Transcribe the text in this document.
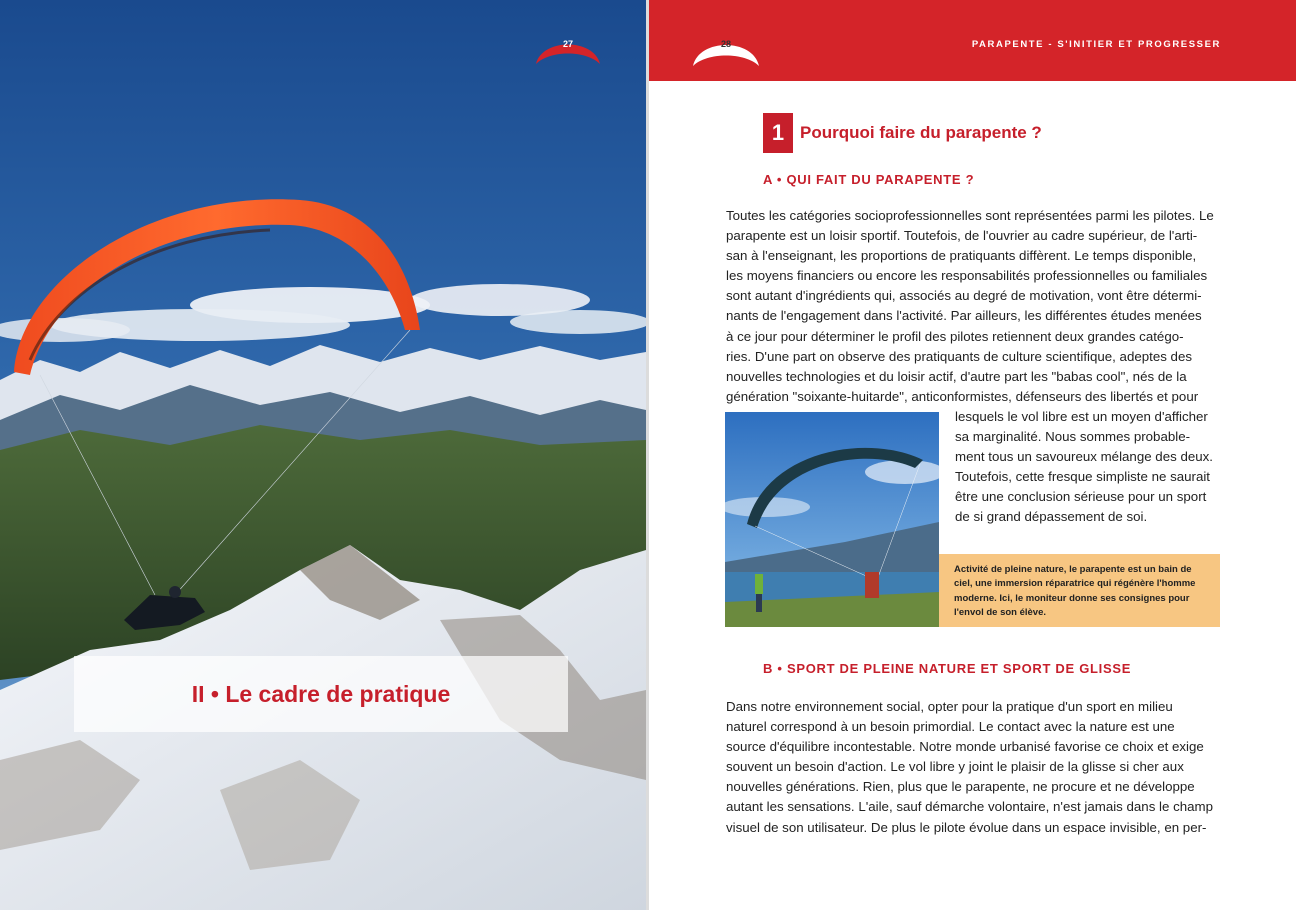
27
II • Le cadre de pratique
28	PARAPENTE - S'INITIER ET PROGRESSER
1 Pourquoi faire du parapente ?
A • QUI FAIT DU PARAPENTE ?
Toutes les catégories socioprofessionnelles sont représentées parmi les pilotes. Le
parapente est un loisir sportif. Toutefois, de l'ouvrier au cadre supérieur, de l'arti-
san à l'enseignant, les proportions de pratiquants diffèrent. Le temps disponible,
les moyens financiers ou encore les responsabilités professionnelles ou familiales
sont autant d'ingrédients qui, associés au degré de motivation, vont être détermi-
nants de l'engagement dans l'activité. Par ailleurs, les différentes études menées
à ce jour pour déterminer le profil des pilotes retiennent deux grandes catégo-
ries. D'une part on observe des pratiquants de culture scientifique, adeptes des
nouvelles technologies et du loisir actif, d'autre part les "babas cool", nés de la
génération "soixante-huitarde", anticonformistes, défenseurs des libertés et pour
lesquels le vol libre est un moyen d'afficher
sa marginalité. Nous sommes probable-
ment tous un savoureux mélange des deux.
Toutefois, cette fresque simpliste ne saurait
être une conclusion sérieuse pour un sport
de si grand dépassement de soi.
Activité de pleine nature, le parapente est un bain de ciel, une immersion réparatrice qui régénère l'homme moderne. Ici, le moniteur donne ses consignes pour l'envol de son élève.
B • SPORT DE PLEINE NATURE ET SPORT DE GLISSE
Dans notre environnement social, opter pour la pratique d'un sport en milieu
naturel correspond à un besoin primordial. Le contact avec la nature est une
source d'équilibre incontestable. Notre monde urbanisé favorise ce choix et exige
souvent un besoin d'action. Le vol libre y joint le plaisir de la glisse si cher aux
nouvelles générations. Rien, plus que le parapente, ne procure et ne développe
autant les sensations. L'aile, sauf démarche volontaire, n'est jamais dans le champ
visuel de son utilisateur. De plus le pilote évolue dans un espace invisible, en per-
